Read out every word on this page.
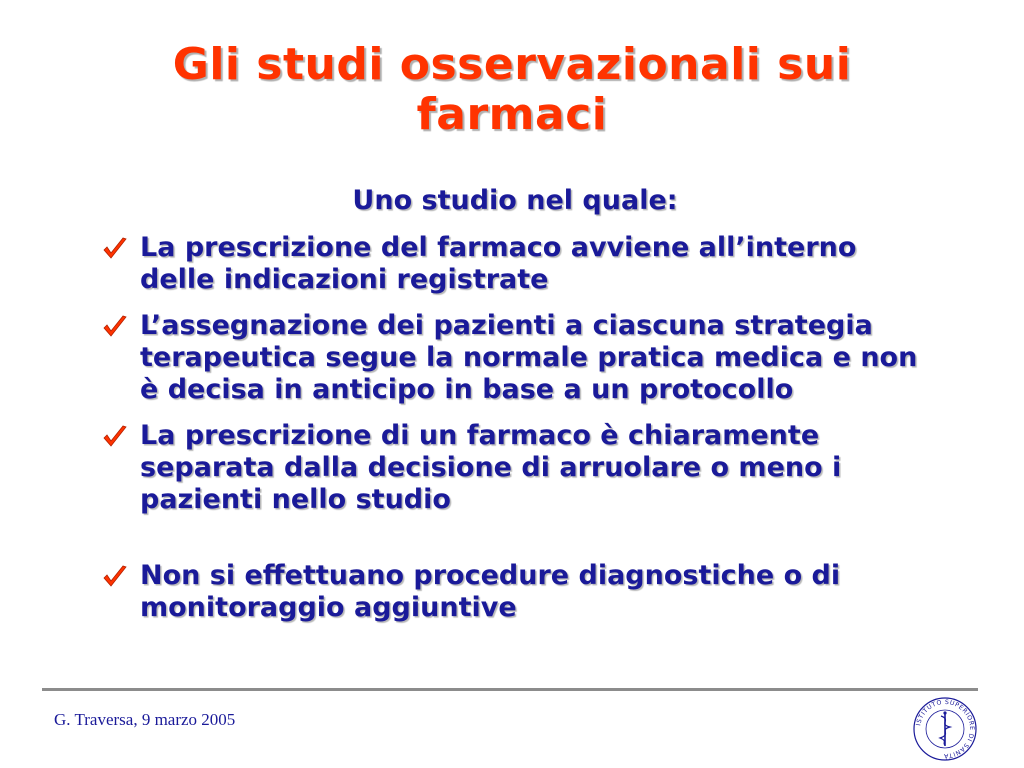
Gli studi osservazionali sui farmaci
Uno studio nel quale:
La prescrizione del farmaco avviene all’interno delle indicazioni registrate
L’assegnazione dei pazienti a ciascuna strategia terapeutica segue la normale pratica medica e non è decisa in anticipo in base a un protocollo
La prescrizione di un farmaco è chiaramente separata dalla decisione di arruolare o meno i pazienti nello studio
Non si effettuano procedure diagnostiche o di monitoraggio aggiuntive
G. Traversa, 9 marzo 2005	ISTITUTO SUPERIORE DI SANITÀ
